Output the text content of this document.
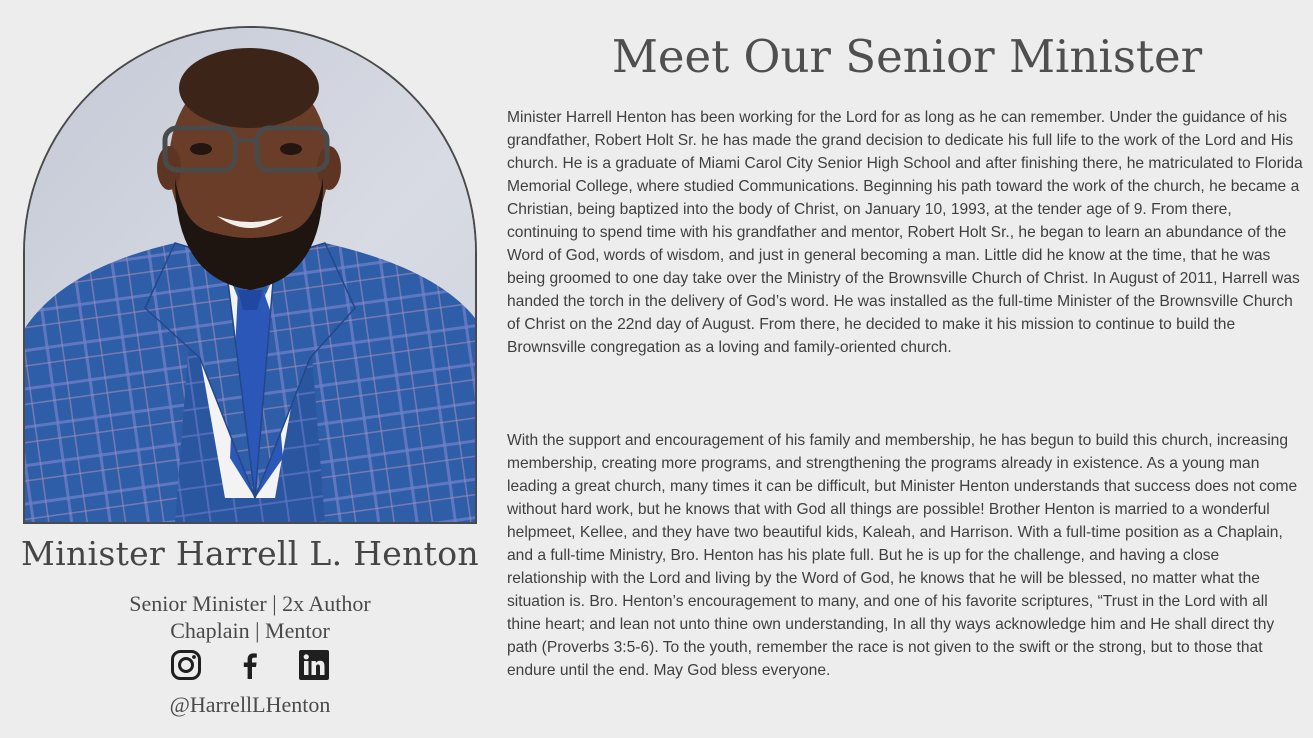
Minister Harrell L. Henton
Senior Minister | 2x Author
Chaplain | Mentor
@HarrellLHenton
Meet Our Senior Minister

Minister Harrell Henton has been working for the Lord for as long as he can remember. Under the guidance of his grandfather, Robert Holt Sr. he has made the grand decision to dedicate his full life to the work of the Lord and His church. He is a graduate of Miami Carol City Senior High School and after finishing there, he matriculated to Florida Memorial College, where studied Communications. Beginning his path toward the work of the church, he became a Christian, being baptized into the body of Christ, on January 10, 1993, at the tender age of 9. From there, continuing to spend time with his grandfather and mentor, Robert Holt Sr., he began to learn an abundance of the Word of God, words of wisdom, and just in general becoming a man. Little did he know at the time, that he was being groomed to one day take over the Ministry of the Brownsville Church of Christ. In August of 2011, Harrell was handed the torch in the delivery of God’s word. He was installed as the full-time Minister of the Brownsville Church of Christ on the 22nd day of August. From there, he decided to make it his mission to continue to build the Brownsville congregation as a loving and family-oriented church.

With the support and encouragement of his family and membership, he has begun to build this church, increasing membership, creating more programs, and strengthening the programs already in existence. As a young man leading a great church, many times it can be difficult, but Minister Henton understands that success does not come without hard work, but he knows that with God all things are possible! Brother Henton is married to a wonderful helpmeet, Kellee, and they have two beautiful kids, Kaleah, and Harrison. With a full-time position as a Chaplain, and a full-time Ministry, Bro. Henton has his plate full. But he is up for the challenge, and having a close relationship with the Lord and living by the Word of God, he knows that he will be blessed, no matter what the situation is. Bro. Henton’s encouragement to many, and one of his favorite scriptures, “Trust in the Lord with all thine heart; and lean not unto thine own understanding, In all thy ways acknowledge him and He shall direct thy path (Proverbs 3:5-6). To the youth, remember the race is not given to the swift or the strong, but to those that endure until the end. May God bless everyone.
